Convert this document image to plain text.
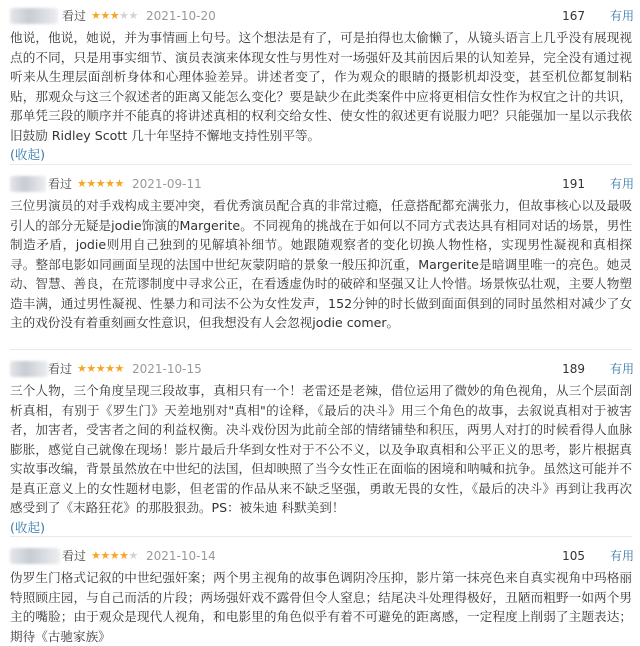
看过 ★★★★★ 2021-10-20	167 有用
他说，他说，她说，并为事情画上句号。这个想法是有了，可是拍得也太偷懒了，从镜头语言上几乎没有展现视点的不同，只是用事实细节、演员表演来体现女性与男性对一场强奸及其前因后果的认知差异，完全没有通过视听来从生理层面剖析身体和心理体验差异。讲述者变了，作为观众的眼睛的摄影机却没变，甚至机位都复制粘贴，那观众与这三个叙述者的距离又能怎么变化？要是缺少在此类案件中应将更相信女性作为权宜之计的共识，那单凭三段的顺序并不能真的将讲述真相的权利交给女性、使女性的叙述更有说服力吧？只能强加一星以示我依旧鼓励 Ridley Scott 几十年坚持不懈地支持性别平等。
(收起)
看过 ★★★★★ 2021-09-11	191 有用
三位男演员的对手戏构成主要冲突，看优秀演员配合真的非常过瘾，任意搭配都充满张力，但故事核心以及最吸引人的部分无疑是jodie饰演的Margerite。不同视角的挑战在于如何以不同方式表达具有相同对话的场景，男性制造矛盾，jodie则用自己独到的见解填补细节。她跟随观察者的变化切换人物性格，实现男性凝视和真相探寻。整部电影如同画面呈现的法国中世纪灰蒙阴暗的景象一般压抑沉重，Margerite是暗调里唯一的亮色。她灵动、智慧、善良，在荒谬制度中寻求公正，在看透虚伪时的破碎和坚强又让人怜惜。场景恢弘壮观，主要人物塑造丰满，通过男性凝视、性暴力和司法不公为女性发声，152分钟的时长做到面面俱到的同时虽然相对减少了女主的戏份没有着重刻画女性意识，但我想没有人会忽视jodie comer。
看过 ★★★★★ 2021-10-15	189 有用
三个人物，三个角度呈现三段故事，真相只有一个！老雷还是老辣，借位运用了微妙的角色视角，从三个层面剖析真相，有别于《罗生门》天差地别对"真相"的诠释，《最后的决斗》用三个角色的故事，去叙说真相对于被害者，加害者，受害者之间的利益权衡。决斗戏份因为此前全部的情绪铺垫和积压，两男人对打的时候看得人血脉膨胀，感觉自己就像在现场！影片最后升华到女性对于不公不义，以及争取真相和公平正义的思考，影片根据真实故事改编，背景虽然放在中世纪的法国，但却映照了当今女性正在面临的困境和呐喊和抗争。虽然这可能并不是真正意义上的女性题材电影，但老雷的作品从来不缺乏坚强，勇敢无畏的女性，《最后的决斗》再到让我再次感受到了《末路狂花》的那股狠劲。PS：被朱迪 科默美到！
(收起)
看过 ★★★★★ 2021-10-14	105 有用
伪罗生门格式记叙的中世纪强奸案；两个男主视角的故事色调阴冷压抑，影片第一抹亮色来自真实视角中玛格丽特照顾庄园，与自己而活的片段；两场强奸戏不露骨但令人窒息；结尾决斗处理得极好，丑陋而粗野一如两个男主的嘴脸；由于观众是现代人视角，和电影里的角色似乎有着不可避免的距离感，一定程度上削弱了主题表达；期待《古驰家族》
